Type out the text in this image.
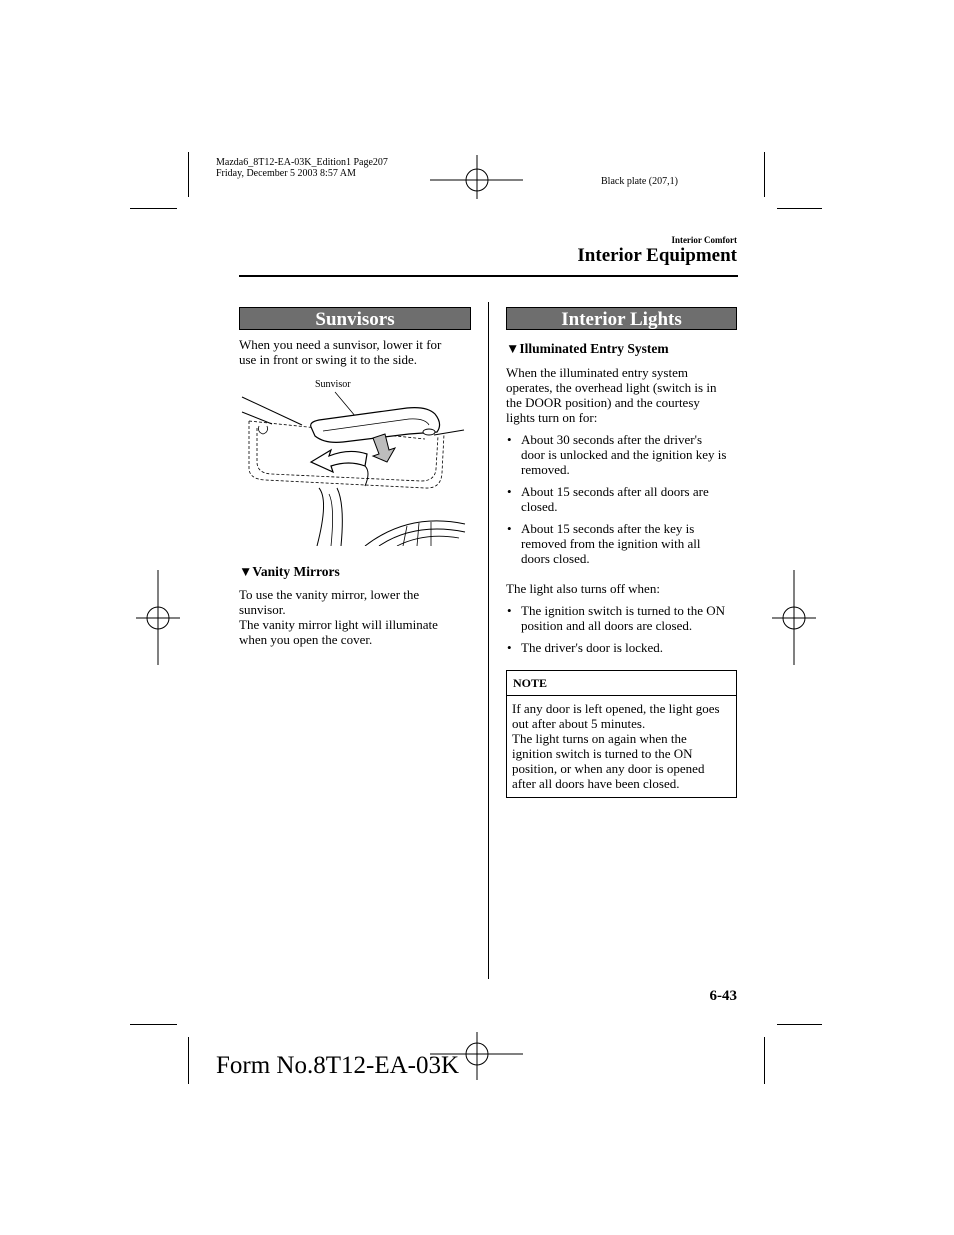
Mazda6_8T12-EA-03K_Edition1 Page207
Friday, December 5 2003 8:57 AM
Black plate (207,1)
Interior Comfort
Interior Equipment
Sunvisors
When you need a sunvisor, lower it for
use in front or swing it to the side.
Sunvisor
▼Vanity Mirrors
To use the vanity mirror, lower the
sunvisor.
The vanity mirror light will illuminate
when you open the cover.
Interior Lights
▼Illuminated Entry System
When the illuminated entry system
operates, the overhead light (switch is in
the DOOR position) and the courtesy
lights turn on for:
• About 30 seconds after the driver's
door is unlocked and the ignition key is
removed.
• About 15 seconds after all doors are
closed.
• About 15 seconds after the key is
removed from the ignition with all
doors closed.
The light also turns off when:
• The ignition switch is turned to the ON
position and all doors are closed.
• The driver's door is locked.
NOTE
If any door is left opened, the light goes
out after about 5 minutes.
The light turns on again when the
ignition switch is turned to the ON
position, or when any door is opened
after all doors have been closed.
6-43
Form No.8T12-EA-03K
